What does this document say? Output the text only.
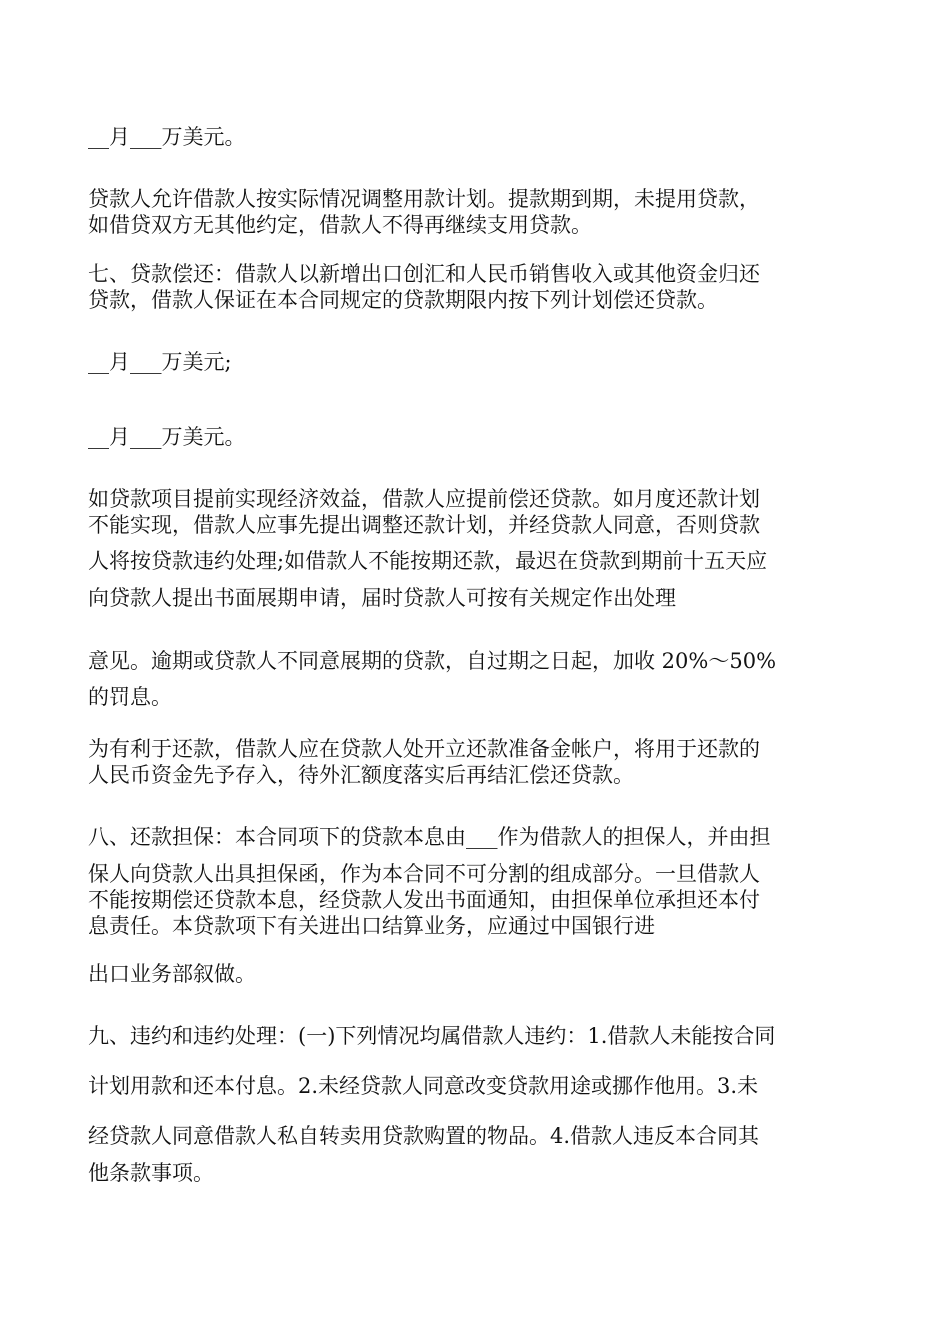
__月___万美元。

贷款人允许借款人按实际情况调整用款计划。提款期到期，未提用贷款，

如借贷双方无其他约定，借款人不得再继续支用贷款。

七、贷款偿还：借款人以新增出口创汇和人民币销售收入或其他资金归还

贷款，借款人保证在本合同规定的贷款期限内按下列计划偿还贷款。

__月___万美元;

__月___万美元。

如贷款项目提前实现经济效益，借款人应提前偿还贷款。如月度还款计划

不能实现，借款人应事先提出调整还款计划，并经贷款人同意，否则贷款

人将按贷款违约处理;如借款人不能按期还款，最迟在贷款到期前十五天应

向贷款人提出书面展期申请，届时贷款人可按有关规定作出处理

意见。逾期或贷款人不同意展期的贷款，自过期之日起，加收 20%～50%

的罚息。

为有利于还款，借款人应在贷款人处开立还款准备金帐户，将用于还款的

人民币资金先予存入，待外汇额度落实后再结汇偿还贷款。

八、还款担保：本合同项下的贷款本息由___作为借款人的担保人，并由担

保人向贷款人出具担保函，作为本合同不可分割的组成部分。一旦借款人

不能按期偿还贷款本息，经贷款人发出书面通知，由担保单位承担还本付

息责任。本贷款项下有关进出口结算业务，应通过中国银行进

出口业务部叙做。

九、违约和违约处理：(一)下列情况均属借款人违约：1.借款人未能按合同

计划用款和还本付息。2.未经贷款人同意改变贷款用途或挪作他用。3.未

经贷款人同意借款人私自转卖用贷款购置的物品。4.借款人违反本合同其

他条款事项。
